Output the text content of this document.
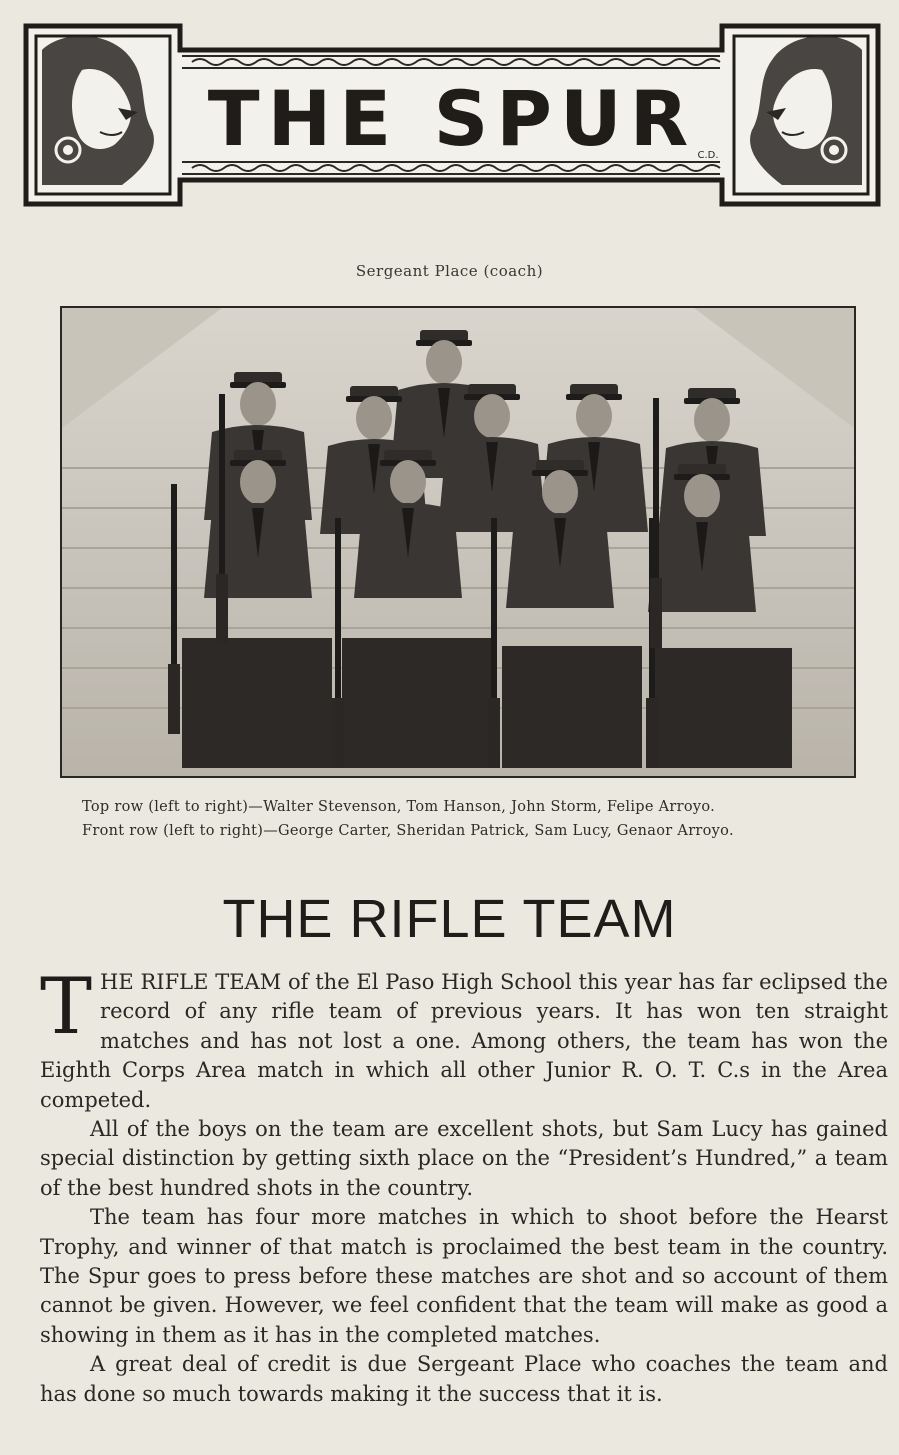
THE SPUR C.D.
Sergeant Place (coach)
Top row (left to right)—Walter Stevenson, Tom Hanson, John Storm, Felipe Arroyo.
Front row (left to right)—George Carter, Sheridan Patrick, Sam Lucy, Genaor Arroyo.
THE RIFLE TEAM

THE RIFLE TEAM of the El Paso High School this year has far eclipsed the record of any rifle team of previous years. It has won ten straight matches and has not lost a one. Among others, the team has won the Eighth Corps Area match in which all other Junior R. O. T. C.s in the Area competed.

All of the boys on the team are excellent shots, but Sam Lucy has gained special distinction by getting sixth place on the “President’s Hundred,” a team of the best hundred shots in the country.

The team has four more matches in which to shoot before the Hearst Trophy, and winner of that match is proclaimed the best team in the country. The Spur goes to press before these matches are shot and so account of them cannot be given. However, we feel confident that the team will make as good a showing in them as it has in the completed matches.

A great deal of credit is due Sergeant Place who coaches the team and has done so much towards making it the success that it is.
